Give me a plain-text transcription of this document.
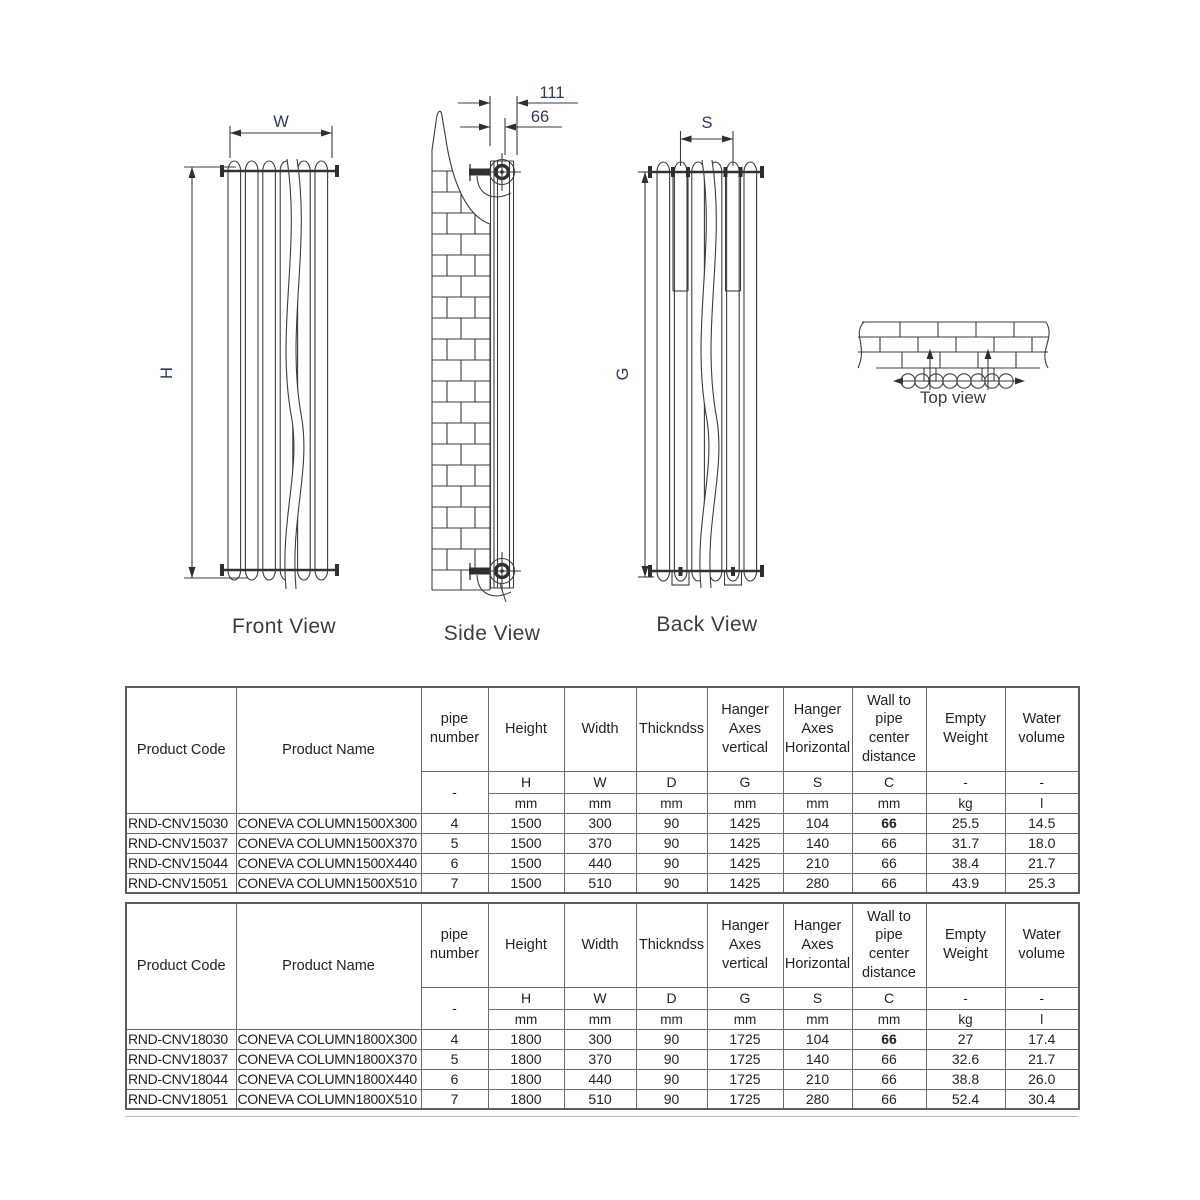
W
H
Front View
111
66
Side View
S
G
Back View
Top view
Product Code	Product Name	pipe number	Height	Width	Thickndss	Hanger Axes vertical	Hanger Axes Horizontal	Wall to pipe center distance	Empty Weight	Water volume
		-	H	W	D	G	S	C	-	-
			mm	mm	mm	mm	mm	mm	kg	l
RND-CNV15030	CONEVA COLUMN1500X300	4	1500	300	90	1425	104	66	25.5	14.5
RND-CNV15037	CONEVA COLUMN1500X370	5	1500	370	90	1425	140	66	31.7	18.0
RND-CNV15044	CONEVA COLUMN1500X440	6	1500	440	90	1425	210	66	38.4	21.7
RND-CNV15051	CONEVA COLUMN1500X510	7	1500	510	90	1425	280	66	43.9	25.3
Product Code	Product Name	pipe number	Height	Width	Thickndss	Hanger Axes vertical	Hanger Axes Horizontal	Wall to pipe center distance	Empty Weight	Water volume
		-	H	W	D	G	S	C	-	-
			mm	mm	mm	mm	mm	mm	kg	l
RND-CNV18030	CONEVA COLUMN1800X300	4	1800	300	90	1725	104	66	27	17.4
RND-CNV18037	CONEVA COLUMN1800X370	5	1800	370	90	1725	140	66	32.6	21.7
RND-CNV18044	CONEVA COLUMN1800X440	6	1800	440	90	1725	210	66	38.8	26.0
RND-CNV18051	CONEVA COLUMN1800X510	7	1800	510	90	1725	280	66	52.4	30.4
